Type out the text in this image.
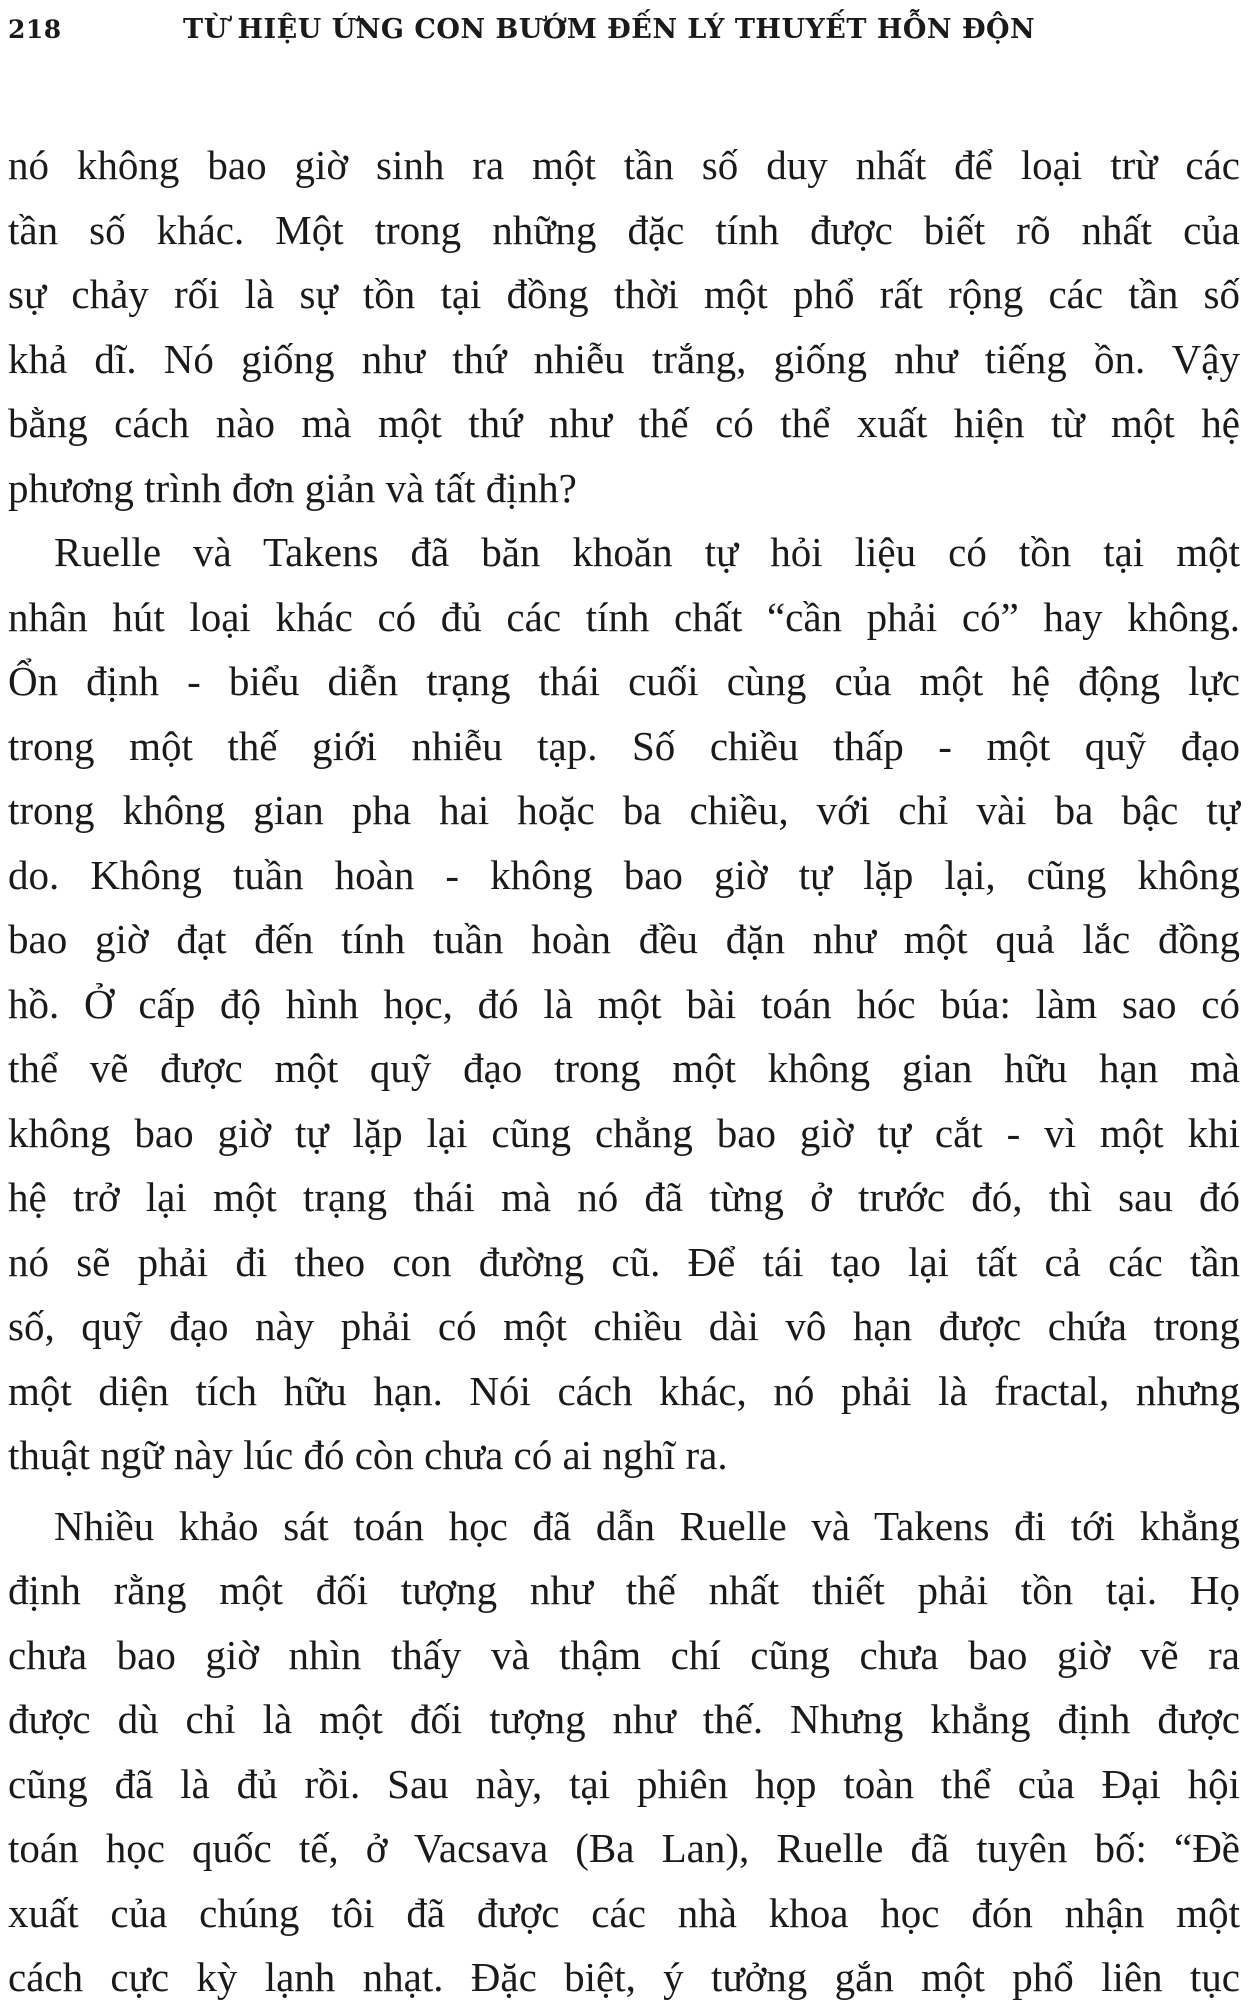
218	TỪ HIỆU ỨNG CON BƯỚM ĐẾN LÝ THUYẾT HỖN ĐỘN
nó không bao giờ sinh ra một tần số duy nhất để loại trừ các
tần số khác. Một trong những đặc tính được biết rõ nhất của
sự chảy rối là sự tồn tại đồng thời một phổ rất rộng các tần số
khả dĩ. Nó giống như thứ nhiễu trắng, giống như tiếng ồn. Vậy
bằng cách nào mà một thứ như thế có thể xuất hiện từ một hệ
phương trình đơn giản và tất định?
Ruelle và Takens đã băn khoăn tự hỏi liệu có tồn tại một
nhân hút loại khác có đủ các tính chất “cần phải có” hay không.
Ổn định - biểu diễn trạng thái cuối cùng của một hệ động lực
trong một thế giới nhiễu tạp. Số chiều thấp - một quỹ đạo
trong không gian pha hai hoặc ba chiều, với chỉ vài ba bậc tự
do. Không tuần hoàn - không bao giờ tự lặp lại, cũng không
bao giờ đạt đến tính tuần hoàn đều đặn như một quả lắc đồng
hồ. Ở cấp độ hình học, đó là một bài toán hóc búa: làm sao có
thể vẽ được một quỹ đạo trong một không gian hữu hạn mà
không bao giờ tự lặp lại cũng chẳng bao giờ tự cắt - vì một khi
hệ trở lại một trạng thái mà nó đã từng ở trước đó, thì sau đó
nó sẽ phải đi theo con đường cũ. Để tái tạo lại tất cả các tần
số, quỹ đạo này phải có một chiều dài vô hạn được chứa trong
một diện tích hữu hạn. Nói cách khác, nó phải là fractal, nhưng
thuật ngữ này lúc đó còn chưa có ai nghĩ ra.
Nhiều khảo sát toán học đã dẫn Ruelle và Takens đi tới khẳng
định rằng một đối tượng như thế nhất thiết phải tồn tại. Họ
chưa bao giờ nhìn thấy và thậm chí cũng chưa bao giờ vẽ ra
được dù chỉ là một đối tượng như thế. Nhưng khẳng định được
cũng đã là đủ rồi. Sau này, tại phiên họp toàn thể của Đại hội
toán học quốc tế, ở Vacsava (Ba Lan), Ruelle đã tuyên bố: “Đề
xuất của chúng tôi đã được các nhà khoa học đón nhận một
cách cực kỳ lạnh nhạt. Đặc biệt, ý tưởng gắn một phổ liên tục
